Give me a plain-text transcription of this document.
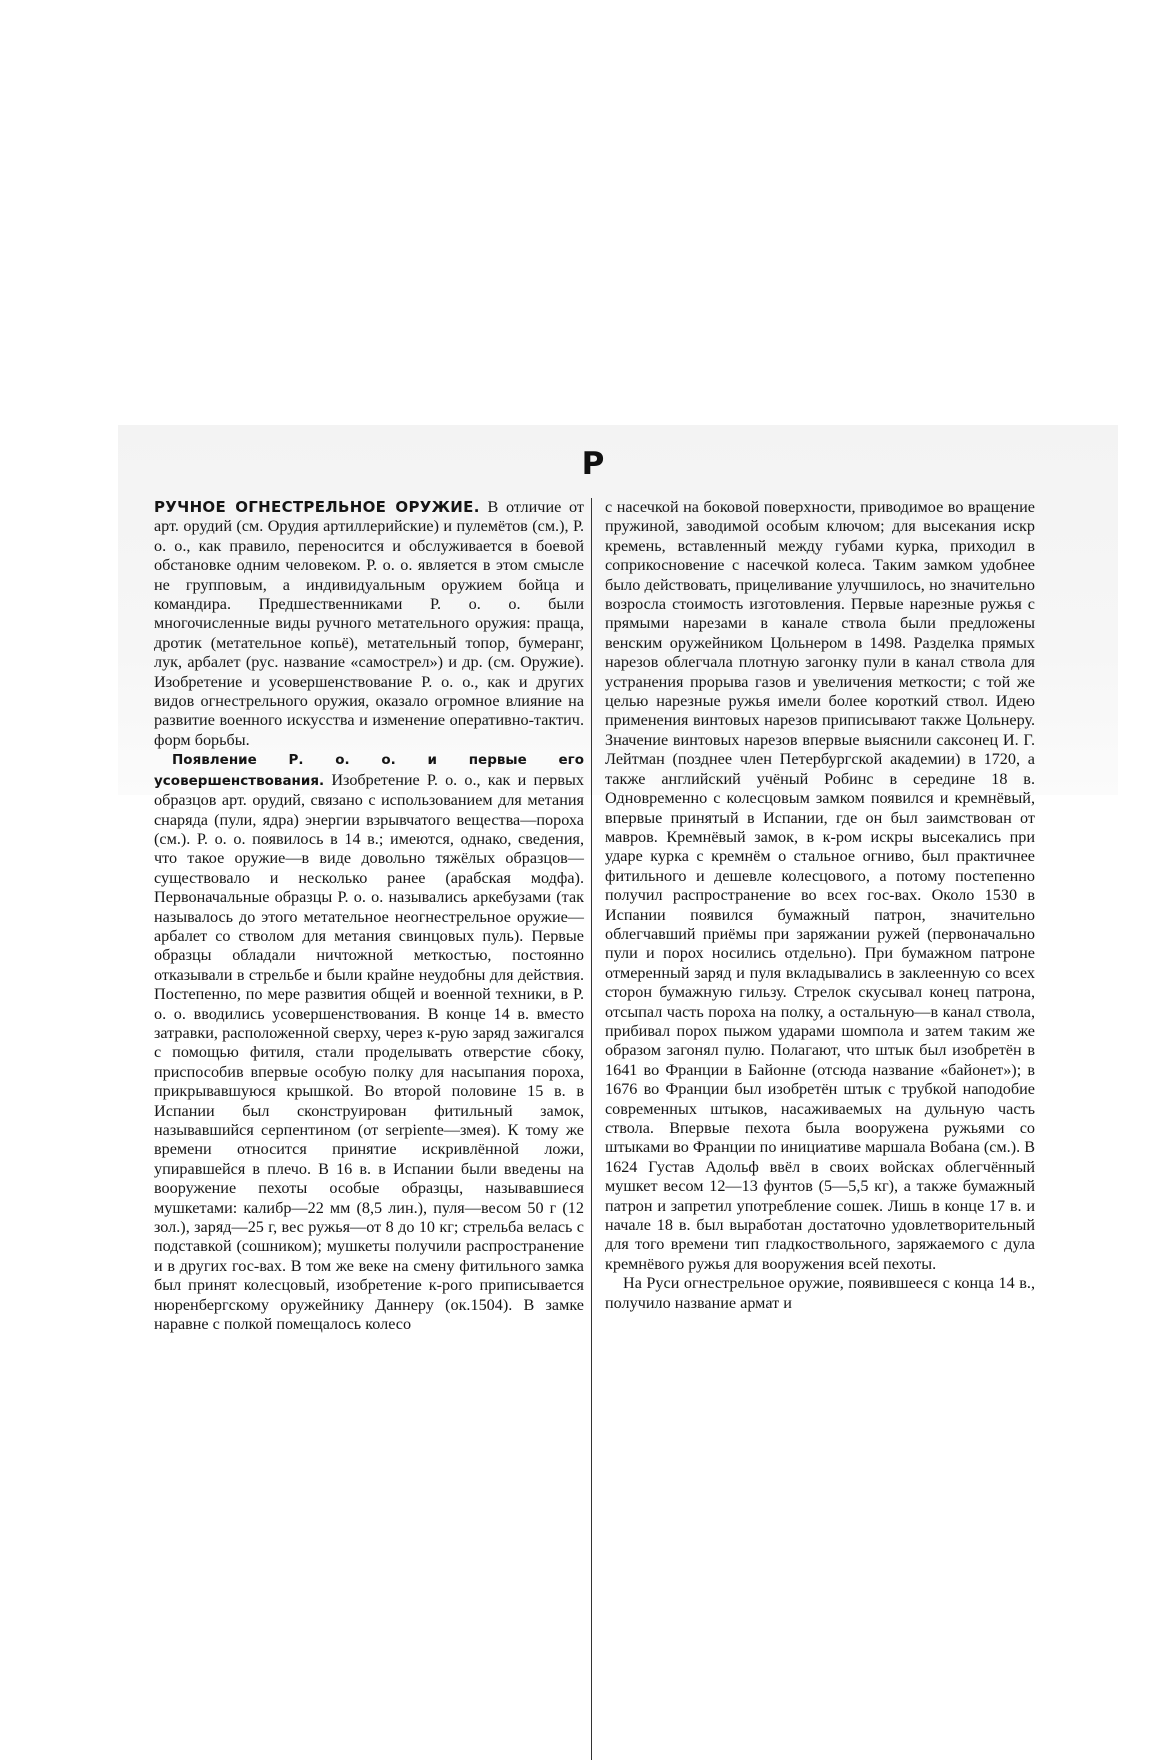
Р

РУЧНОЕ ОГНЕСТРЕЛЬНОЕ ОРУЖИЕ. В отличие от арт. орудий (см. Орудия артиллерийские) и пулемётов (см.), Р. о. о., как правило, переносится и обслуживается в боевой обстановке одним человеком. Р. о. о. является в этом смысле не групповым, а индивидуальным оружием бойца и командира. Предшественниками Р. о. о. были многочисленные виды ручного метательного оружия: праща, дротик (метательное копьё), метательный топор, бумеранг, лук, арбалет (рус. название «самострел») и др. (см. Оружие). Изобретение и усовершенствование Р. о. о., как и других видов огнестрельного оружия, оказало огромное влияние на развитие военного искусства и изменение оперативно-тактич. форм борьбы.

Появление Р. о. о. и первые его усовершенствования. Изобретение Р. о. о., как и первых образцов арт. орудий, связано с использованием для метания снаряда (пули, ядра) энергии взрывчатого вещества—пороха (см.). Р. о. о. появилось в 14 в.; имеются, однако, сведения, что такое оружие—в виде довольно тяжёлых образцов—существовало и несколько ранее (арабская модфа). Первоначальные образцы Р. о. о. назывались аркебузами (так называлось до этого метательное неогнестрельное оружие—арбалет со стволом для метания свинцовых пуль). Первые образцы обладали ничтожной меткостью, постоянно отказывали в стрельбе и были крайне неудобны для действия. Постепенно, по мере развития общей и военной техники, в Р. о. о. вводились усовершенствования. В конце 14 в. вместо затравки, расположенной сверху, через к-рую заряд зажигался с помощью фитиля, стали проделывать отверстие сбоку, приспособив впервые особую полку для насыпания пороха, прикрывавшуюся крышкой. Во второй половине 15 в. в Испании был сконструирован фитильный замок, называвшийся серпентином (от serpiente—змея). К тому же времени относится принятие искривлённой ложи, упиравшейся в плечо. В 16 в. в Испании были введены на вооружение пехоты особые образцы, называвшиеся мушкетами: калибр—22 мм (8,5 лин.), пуля—весом 50 г (12 зол.), заряд—25 г, вес ружья—от 8 до 10 кг; стрельба велась с подставкой (сошником); мушкеты получили распространение и в других гос-вах. В том же веке на смену фитильного замка был принят колесцовый, изобретение к-рого приписывается нюренбергскому оружейнику Даннеру (ок.1504). В замке наравне с полкой помещалось колесо

с насечкой на боковой поверхности, приводимое во вращение пружиной, заводимой особым ключом; для высекания искр кремень, вставленный между губами курка, приходил в соприкосновение с насечкой колеса. Таким замком удобнее было действовать, прицеливание улучшилось, но значительно возросла стоимость изготовления. Первые нарезные ружья с прямыми нарезами в канале ствола были предложены венским оружейником Цольнером в 1498. Разделка прямых нарезов облегчала плотную загонку пули в канал ствола для устранения прорыва газов и увеличения меткости; с той же целью нарезные ружья имели более короткий ствол. Идею применения винтовых нарезов приписывают также Цольнеру. Значение винтовых нарезов впервые выяснили саксонец И. Г. Лейтман (позднее член Петербургской академии) в 1720, а также английский учёный Робинс в середине 18 в. Одновременно с колесцовым замком появился и кремнёвый, впервые принятый в Испании, где он был заимствован от мавров. Кремнёвый замок, в к-ром искры высекались при ударе курка с кремнём о стальное огниво, был практичнее фитильного и дешевле колесцового, а потому постепенно получил распространение во всех гос-вах. Около 1530 в Испании появился бумажный патрон, значительно облегчавший приёмы при заряжании ружей (первоначально пули и порох носились отдельно). При бумажном патроне отмеренный заряд и пуля вкладывались в заклеенную со всех сторон бумажную гильзу. Стрелок скусывал конец патрона, отсыпал часть пороха на полку, а остальную—в канал ствола, прибивал порох пыжом ударами шомпола и затем таким же образом загонял пулю. Полагают, что штык был изобретён в 1641 во Франции в Байонне (отсюда название «байонет»); в 1676 во Франции был изобретён штык с трубкой наподобие современных штыков, насаживаемых на дульную часть ствола. Впервые пехота была вооружена ружьями со штыками во Франции по инициативе маршала Вобана (см.). В 1624 Густав Адольф ввёл в своих войсках облегчённый мушкет весом 12—13 фунтов (5—5,5 кг), а также бумажный патрон и запретил употребление сошек. Лишь в конце 17 в. и начале 18 в. был выработан достаточно удовлетворительный для того времени тип гладкоствольного, заряжаемого с дула кремнёвого ружья для вооружения всей пехоты.

На Руси огнестрельное оружие, появившееся с конца 14 в., получило название армат и
